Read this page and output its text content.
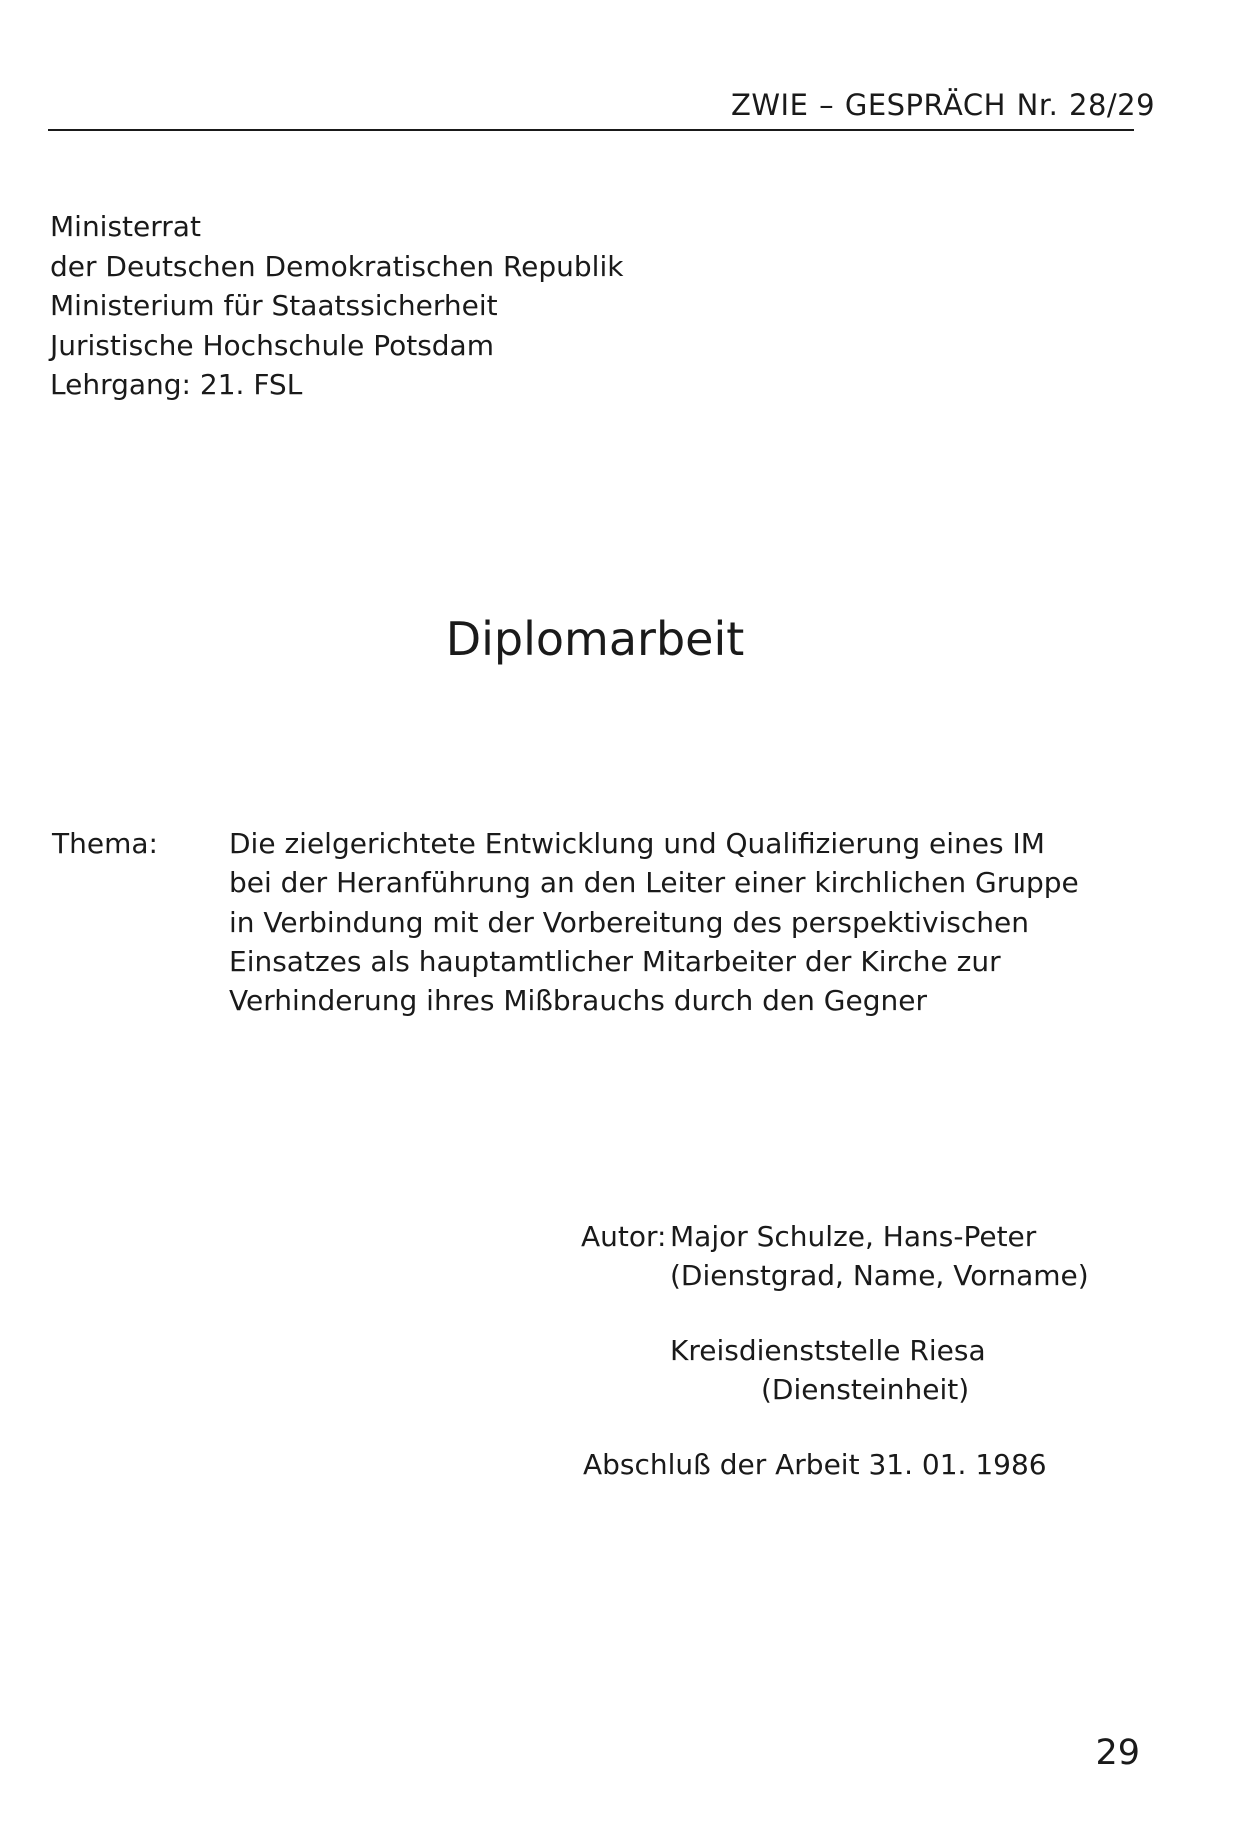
ZWIE – GESPRÄCH Nr. 28/29
Ministerrat
der Deutschen Demokratischen Republik
Ministerium für Staatssicherheit
Juristische Hochschule Potsdam
Lehrgang: 21. FSL
Diplomarbeit
Thema:	Die zielgerichtete Entwicklung und Qualifizierung eines IM
bei der Heranführung an den Leiter einer kirchlichen Gruppe
in Verbindung mit der Vorbereitung des perspektivischen
Einsatzes als hauptamtlicher Mitarbeiter der Kirche zur
Verhinderung ihres Mißbrauchs durch den Gegner
Autor: Major Schulze, Hans-Peter
(Dienstgrad, Name, Vorname)
Kreisdienststelle Riesa
(Diensteinheit)
Abschluß der Arbeit 31. 01. 1986
29
